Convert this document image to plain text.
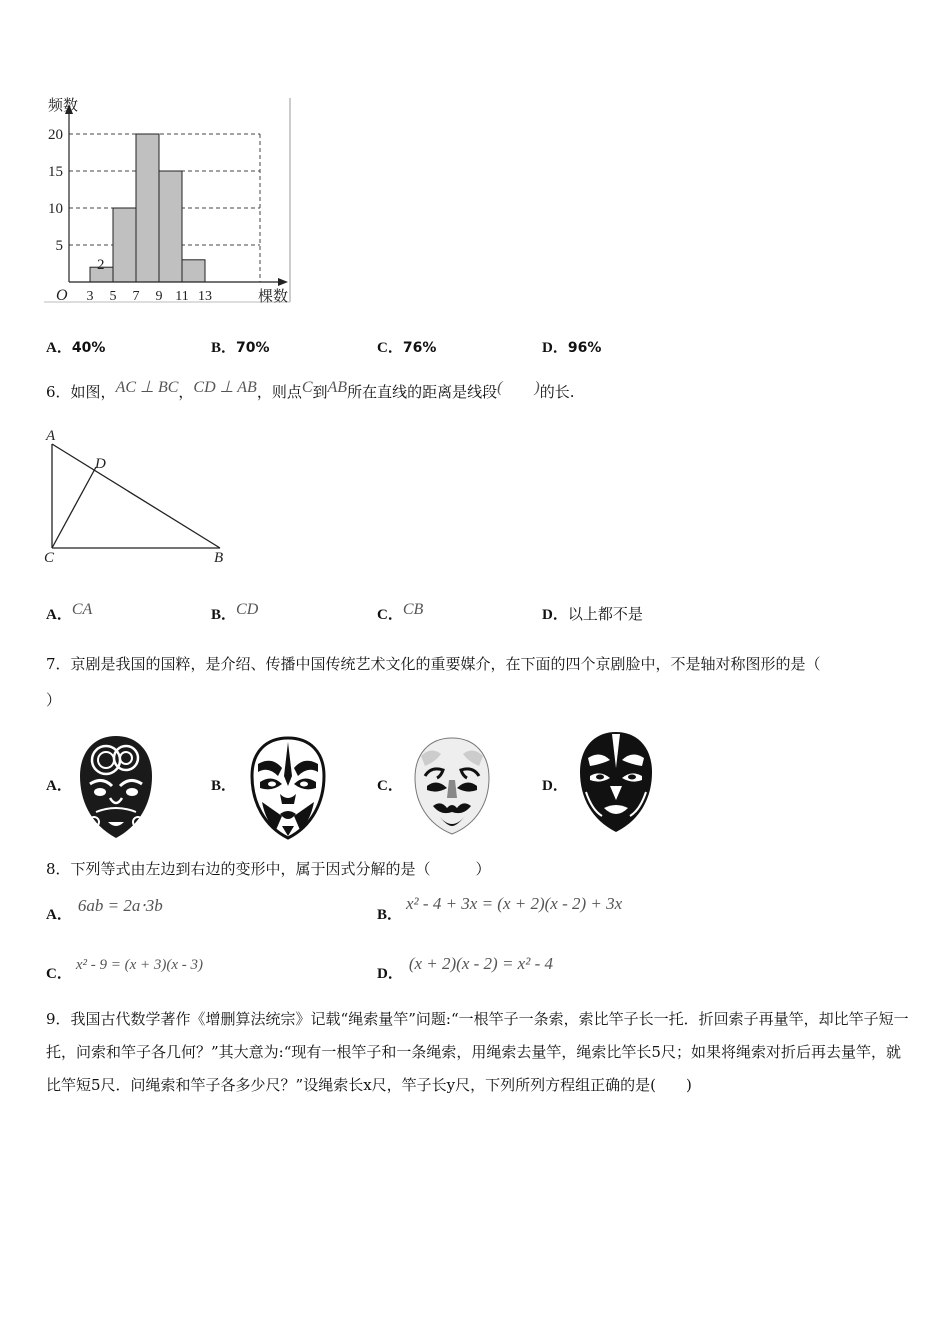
5
10
15
20
3 5 7 9 11 13
频数
棵数
O
2
A．40%	B．70%	C．76%	D．96%
6．如图，AC ⊥ BC，CD ⊥ AB，则点C到AB所在直线的距离是线段(　　)的长.
A
D
C	B
A．CA	B．CD	C．CB	D．以上都不是
7．京剧是我国的国粹，是介绍、传播中国传统艺术文化的重要媒介，在下面的四个京剧脸中，不是轴对称图形的是（
）
A．	B．	C．	D．
8．下列等式由左边到右边的变形中，属于因式分解的是（　　　）
A． 6ab = 2a⋅3b	B．x² - 4 + 3x = (x + 2)(x - 2) + 3x
C．x² - 9 = (x + 3)(x - 3)
D．(x + 2)(x - 2) = x² - 4
9．我国古代数学著作《增删算法统宗》记载“绳索量竿”问题:“一根竿子一条索，索比竿子长一托．折回索子再量竿，却比竿子短一托，问索和竿子各几何？”其大意为:“现有一根竿子和一条绳索，用绳索去量竿，绳索比竿长5尺；如果将绳索对折后再去量竿，就比竿短5尺．问绳索和竿子各多少尺？”设绳索长x尺，竿子长y尺，下列所列方程组正确的是(　　)
